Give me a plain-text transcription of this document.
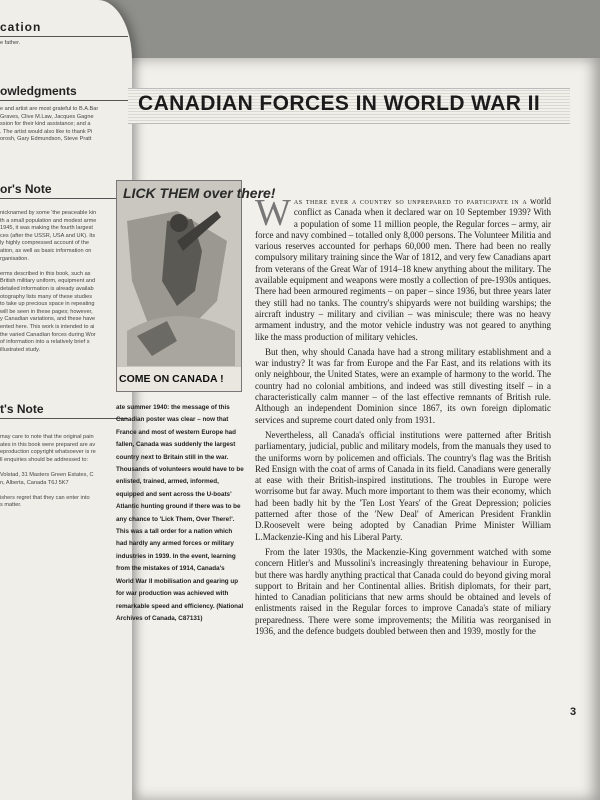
cation
e father.
owledgments
e and artist are most grateful to B.A.Bar
Graves, Clive M.Law, Jacques Gagne
ssion for their kind assistance; and a
. The artist would also like to thank Pi
orosh, Gary Edmundson, Steve Pratt
or's Note
nicknamed by some 'the peaceable kin
th a small population and modest arme
1945, it was making the fourth largest
ces (after the USSR, USA and UK). Its
ly highly compressed account of the
ation, as well as basic information on
rganisation.

erms described in this book, such as
British military uniform, equipment and
detailed information is already availab
otography lists many of these studies
to take up precious space in repeating
will be seen in these pages; however,
y Canadian variations, and these have
ented here. This work is intended to ai
the varied Canadian forces during Wor
of information into a relatively brief s
illustrated study.
t's Note
may care to note that the original pain
ates in this book were prepared are av
eproduction copyright whatsoever is re
ll enquiries should be addressed to:

Volstad, 31 Masters Green Estates, C
n, Alberta, Canada T6J 5K7

ishers regret that they can enter into
s matter.
CANADIAN FORCES IN WORLD WAR II
LICK THEM over there!
COME ON CANADA !
ate summer 1940: the message of this Canadian poster was clear – now that France and most of western Europe had fallen, Canada was suddenly the largest country next to Britain still in the war. Thousands of volunteers would have to be enlisted, trained, armed, informed, equipped and sent across the U-boats' Atlantic hunting ground if there was to be any chance to 'Lick Them, Over There!'. This was a tall order for a nation which had hardly any armed forces or military industries in 1939. In the event, learning from the mistakes of 1914, Canada's World War II mobilisation and gearing up for war production was achieved with remarkable speed and efficiency. (National Archives of Canada, C87131)

Was there ever a country so unprepared to participate in a world conflict as Canada when it declared war on 10 September 1939? With a population of some 11 million people, the Regular forces – army, air force and navy combined – totalled only 8,000 persons. The Volunteer Militia and various reserves accounted for perhaps 60,000 men. There had been no really compulsory military training since the War of 1812, and very few Canadians apart from veterans of the Great War of 1914–18 knew anything about the military. The available equipment and weapons were mostly a collection of pre-1930s antiques. There had been armoured regiments – on paper – since 1936, but three years later they still had no tanks. The country's shipyards were not building warships; the aircraft industry – military and civilian – was miniscule; there was no heavy armament industry, and the motor vehicle industry was not geared to anything like the mass production of military vehicles.

But then, why should Canada have had a strong military establishment and a war industry? It was far from Europe and the Far East, and its relations with its only neighbour, the United States, were an example of harmony to the world. The country had no colonial ambitions, and indeed was still divesting itself – in a characteristically calm manner – of the last effective remnants of British rule. Although an independent Dominion since 1867, its own foreign diplomatic services and supreme court dated only from 1931.

Nevertheless, all Canada's official institutions were patterned after British parliamentary, judicial, public and military models, from the manuals they used to the uniforms worn by policemen and officials. The country's flag was the British Red Ensign with the coat of arms of Canada in its field. Canadians were generally at ease with their British-inspired institutions. The troubles in Europe were worrisome but far away. Much more important to them was their economy, which had been badly hit by the 'Ten Lost Years' of the Great Depression; policies patterned after those of the 'New Deal' of American President Franklin D.Roosevelt were being adopted by Canadian Prime Minister William L.Mackenzie-King and his Liberal Party.

From the later 1930s, the Mackenzie-King government watched with some concern Hitler's and Mussolini's increasingly threatening behaviour in Europe, but there was hardly anything practical that Canada could do beyond giving moral support to Britain and her Continental allies. British diplomats, for their part, hinted to Canadian politicians that new arms should be obtained and levels of enlistments raised in the Regular forces to improve Canada's state of miliary preparedness. There were some improvements; the Militia was reorganised in 1936, and the defence budgets doubled between then and 1939, mostly for the

3
